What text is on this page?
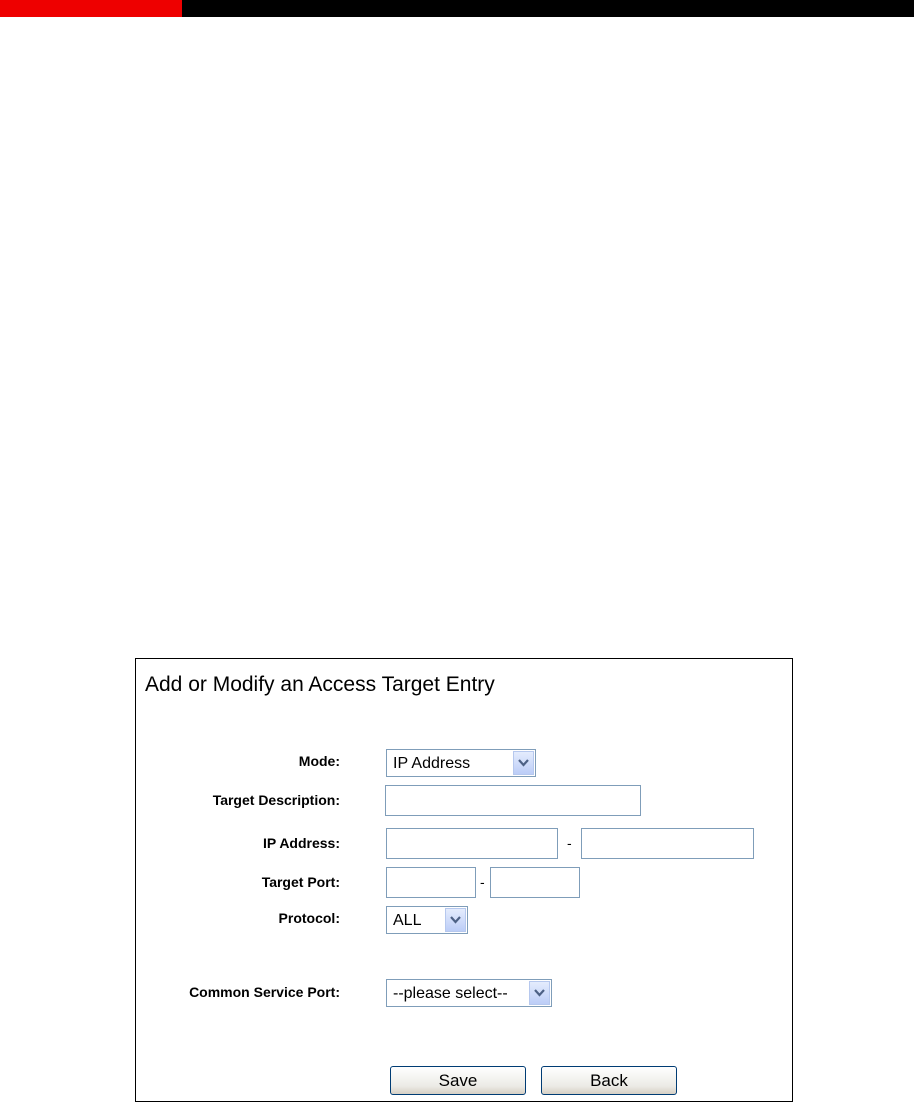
Add or Modify an Access Target Entry
Mode:	IP Address
Target Description:
IP Address:	-
Target Port:	-
Protocol:	ALL
Common Service Port:	--please select--
Save	Back
